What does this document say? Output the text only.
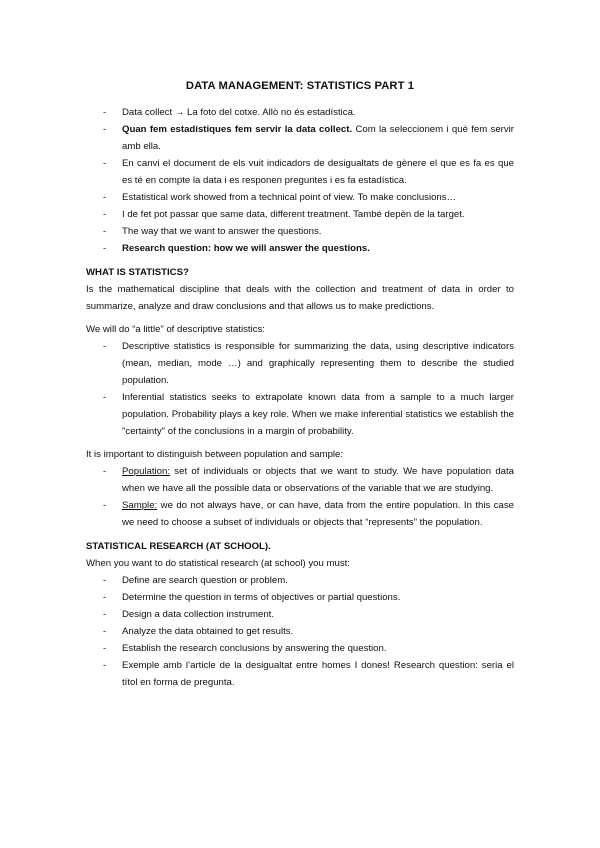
DATA MANAGEMENT: STATISTICS PART 1
- Data collect → La foto del cotxe. Allò no és estadística.
- Quan fem estadístiques fem servir la data collect. Com la seleccionem i què fem servir amb ella.
- En canvi el document de els vuit indicadors de desigualtats de gènere el que es fa es que es té en compte la data i es responen preguntes i es fa estadística.
- Estatistical work showed from a technical point of view. To make conclusions…
- I de fet pot passar que same data, different treatment. També depèn de la target.
- The way that we want to answer the questions.
- Research question: how we will answer the questions.
WHAT IS STATISTICS?
Is the mathematical discipline that deals with the collection and treatment of data in order to summarize, analyze and draw conclusions and that allows us to make predictions.
We will do “a little” of descriptive statistics:
- Descriptive statistics is responsible for summarizing the data, using descriptive indicators (mean, median, mode …) and graphically representing them to describe the studied population.
- Inferential statistics seeks to extrapolate known data from a sample to a much larger population. Probability plays a key role. When we make inferential statistics we establish the "certainty" of the conclusions in a margin of probability.
It is important to distinguish between population and sample:
- Population: set of individuals or objects that we want to study. We have population data when we have all the possible data or observations of the variable that we are studying.
- Sample: we do not always have, or can have, data from the entire population. In this case we need to choose a subset of individuals or objects that “represents” the population.
STATISTICAL RESEARCH (AT SCHOOL).
When you want to do statistical research (at school) you must:
- Define are search question or problem.
- Determine the question in terms of objectives or partial questions.
- Design a data collection instrument.
- Analyze the data obtained to get results.
- Establish the research conclusions by answering the question.
- Exemple amb l’article de la desigualtat entre homes I dones! Research question: seria el títol en forma de pregunta.
